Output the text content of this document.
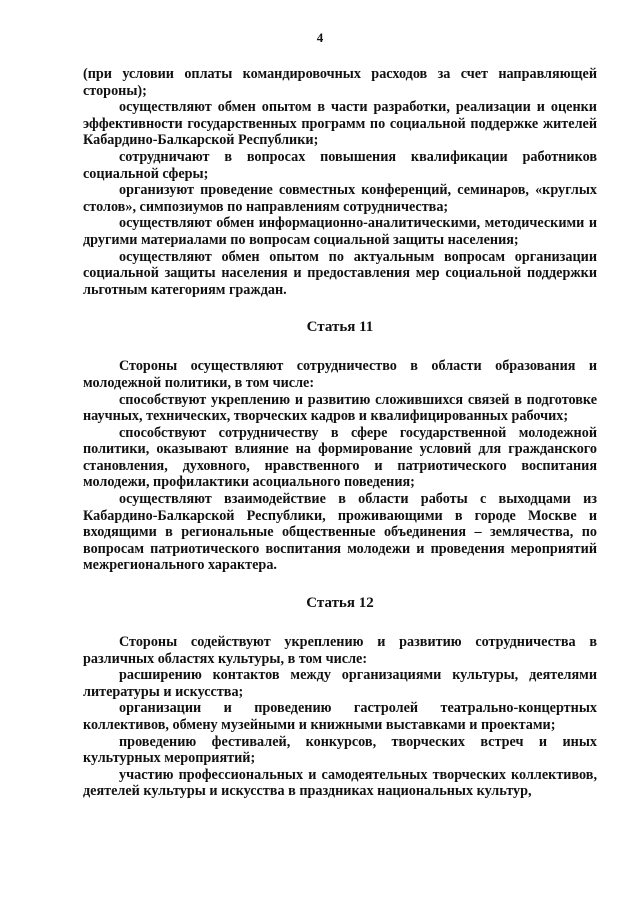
4

(при условии оплаты командировочных расходов за счет направляющей стороны);

осуществляют обмен опытом в части разработки, реализации и оценки эффективности государственных программ по социальной поддержке жителей Кабардино-Балкарской Республики;

сотрудничают в вопросах повышения квалификации работников социальной сферы;

организуют проведение совместных конференций, семинаров, «круглых столов», симпозиумов по направлениям сотрудничества;

осуществляют обмен информационно-аналитическими, методическими и другими материалами по вопросам социальной защиты населения;

осуществляют обмен опытом по актуальным вопросам организации социальной защиты населения и предоставления мер социальной поддержки льготным категориям граждан.

Статья 11

Стороны осуществляют сотрудничество в области образования и молодежной политики, в том числе:

способствуют укреплению и развитию сложившихся связей в подготовке научных, технических, творческих кадров и квалифицированных рабочих;

способствуют сотрудничеству в сфере государственной молодежной политики, оказывают влияние на формирование условий для гражданского становления, духовного, нравственного и патриотического воспитания молодежи, профилактики асоциального поведения;

осуществляют взаимодействие в области работы с выходцами из Кабардино-Балкарской Республики, проживающими в городе Москве и входящими в региональные общественные объединения – землячества, по вопросам патриотического воспитания молодежи и проведения мероприятий межрегионального характера.

Статья 12

Стороны содействуют укреплению и развитию сотрудничества в различных областях культуры, в том числе:

расширению контактов между организациями культуры, деятелями литературы и искусства;

организации и проведению гастролей театрально-концертных коллективов, обмену музейными и книжными выставками и проектами;

проведению фестивалей, конкурсов, творческих встреч и иных культурных мероприятий;

участию профессиональных и самодеятельных творческих коллективов, деятелей культуры и искусства в праздниках национальных культур,
